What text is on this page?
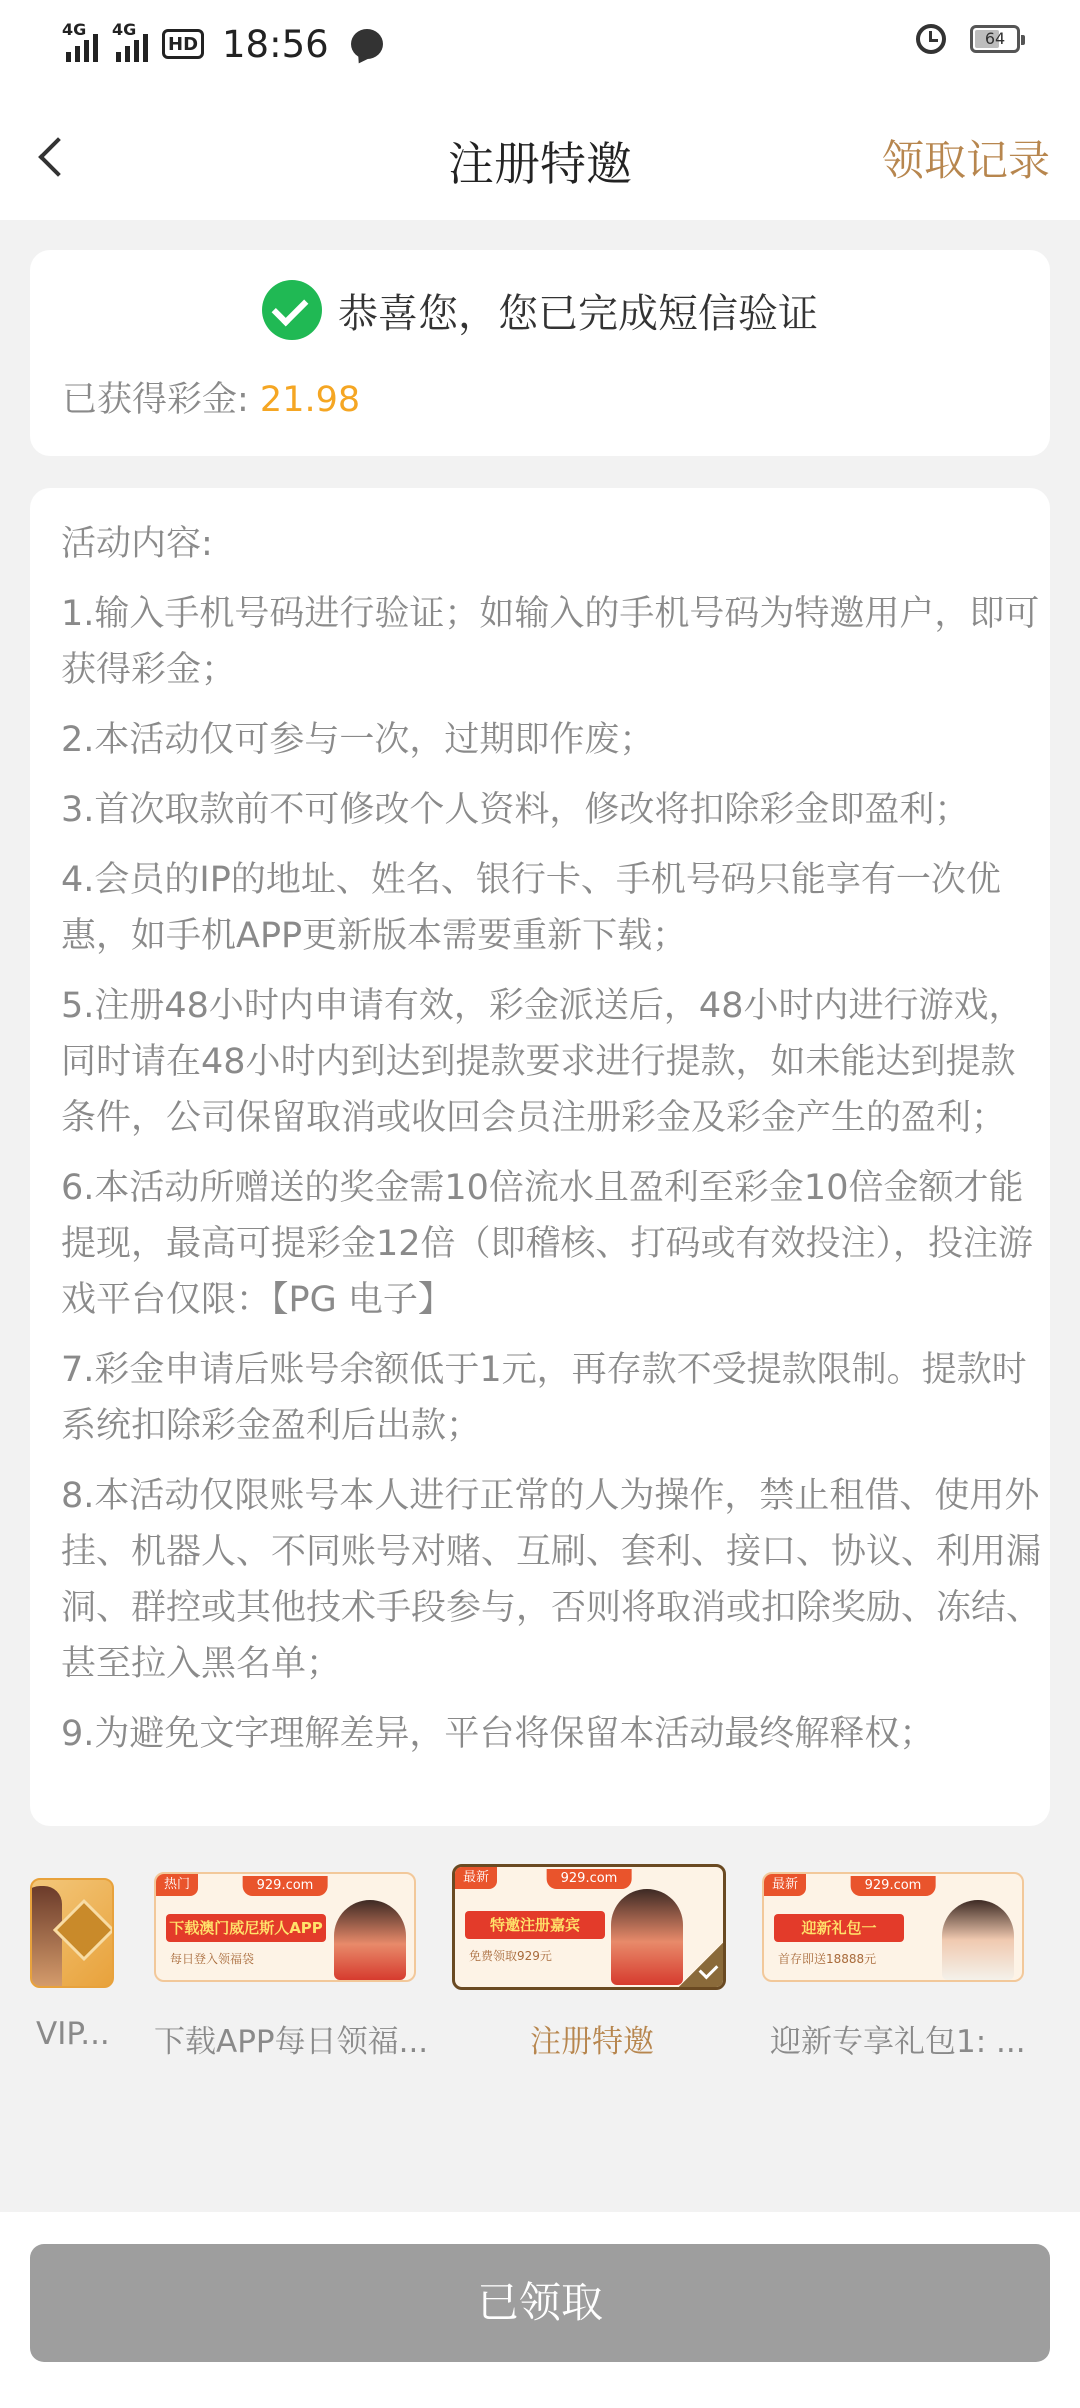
4G 4G
HD 18:56	64
注册特邀	领取记录
恭喜您，您已完成短信验证
已获得彩金: 21.98
活动内容:
1.输入手机号码进行验证；如输入的手机号码为特邀用户，即可获得彩金；
2.本活动仅可参与一次，过期即作废；
3.首次取款前不可修改个人资料，修改将扣除彩金即盈利；
4.会员的IP的地址、姓名、银行卡、手机号码只能享有一次优惠，如手机APP更新版本需要重新下载；
5.注册48小时内申请有效，彩金派送后，48小时内进行游戏，同时请在48小时内到达到提款要求进行提款，如未能达到提款条件，公司保留取消或收回会员注册彩金及彩金产生的盈利；
6.本活动所赠送的奖金需10倍流水且盈利至彩金10倍金额才能提现，最高可提彩金12倍（即稽核、打码或有效投注），投注游戏平台仅限：【PG 电子】
7.彩金申请后账号余额低于1元，再存款不受提款限制。提款时系统扣除彩金盈利后出款；
8.本活动仅限账号本人进行正常的人为操作，禁止租借、使用外挂、机器人、不同账号对赌、互刷、套利、接口、协议、利用漏洞、群控或其他技术手段参与，否则将取消或扣除奖励、冻结、甚至拉入黑名单；
9.为避免文字理解差异，平台将保留本活动最终解释权；
VIP...
热门	929.com
下载澳门威尼斯人APP
每日登入领福袋
下载APP每日领福...
最新	929.com
特邀注册嘉宾
免费领取929元
注册特邀
最新	929.com
迎新礼包一
首存即送18888元
迎新专享礼包1: ...
已领取
